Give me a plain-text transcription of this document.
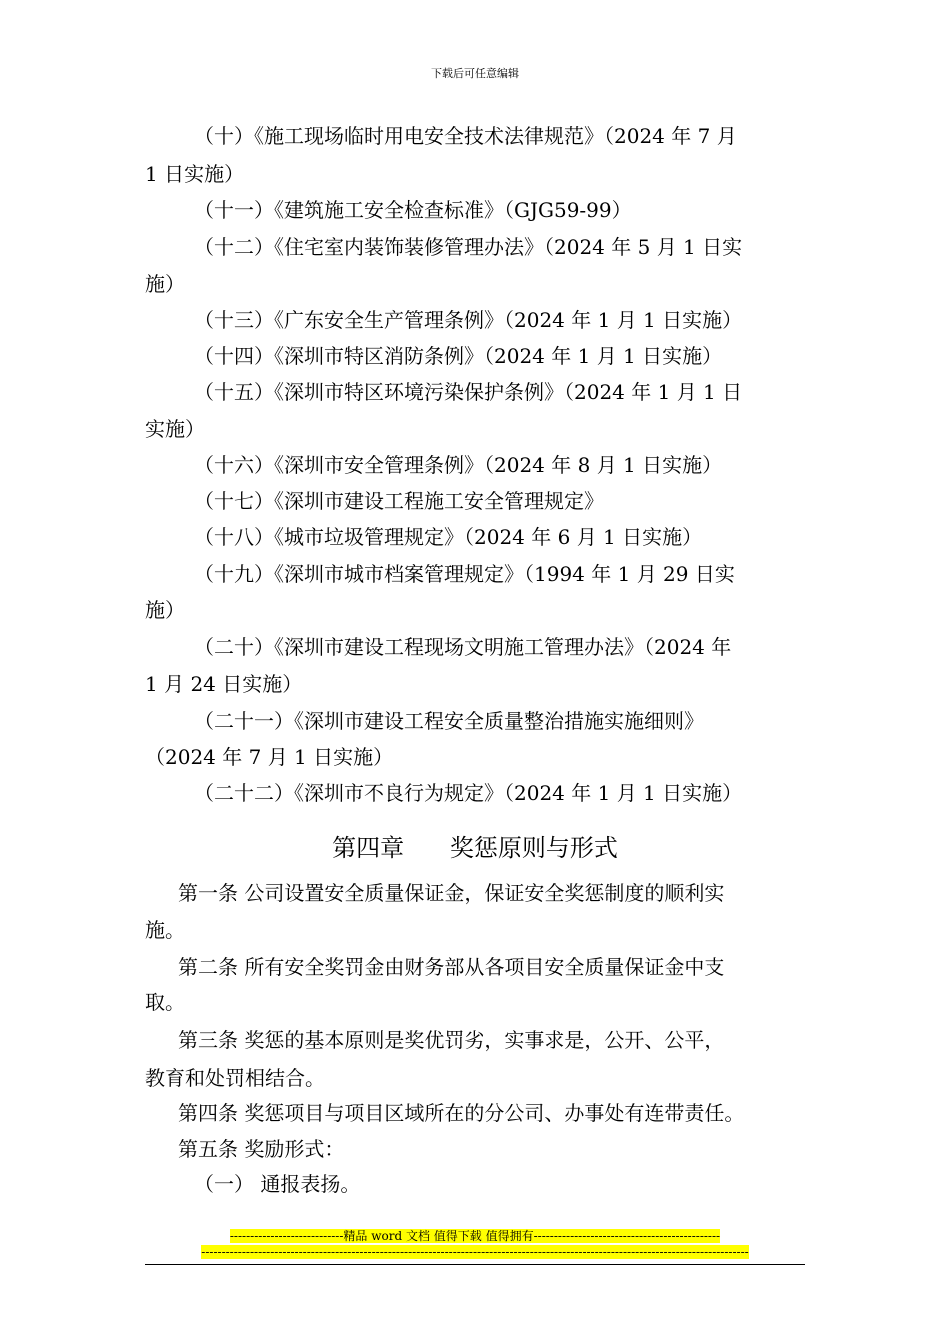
下载后可任意编辑
（十）《施工现场临时用电安全技术法律规范》（2024 年 7 月
1 日实施）
（十一）《建筑施工安全检查标准》（GJG59-99）
（十二）《住宅室内装饰装修管理办法》（2024 年 5 月 1 日实
施）
（十三）《广东安全生产管理条例》（2024 年 1 月 1 日实施）
（十四）《深圳市特区消防条例》（2024 年 1 月 1 日实施）
（十五）《深圳市特区环境污染保护条例》（2024 年 1 月 1 日
实施）
（十六）《深圳市安全管理条例》（2024 年 8 月 1 日实施）
（十七）《深圳市建设工程施工安全管理规定》
（十八）《城市垃圾管理规定》（2024 年 6 月 1 日实施）
（十九）《深圳市城市档案管理规定》（1994 年 1 月 29 日实
施）
（二十）《深圳市建设工程现场文明施工管理办法》（2024 年
1 月 24 日实施）
（二十一）《深圳市建设工程安全质量整治措施实施细则》
（2024 年 7 月 1 日实施）
（二十二）《深圳市不良行为规定》（2024 年 1 月 1 日实施）
第四章      奖惩原则与形式
第一条 公司设置安全质量保证金，保证安全奖惩制度的顺利实
施。
第二条 所有安全奖罚金由财务部从各项目安全质量保证金中支
取。
第三条 奖惩的基本原则是奖优罚劣，实事求是，公开、公平，
教育和处罚相结合。
第四条 奖惩项目与项目区域所在的分公司、办事处有连带责任。
第五条 奖励形式：
（一） 通报表扬。
----------------------------精品 word 文档 值得下载 值得拥有----------------------------------------------
---------------------------------------------------------------------------------------------------------------------------------------
